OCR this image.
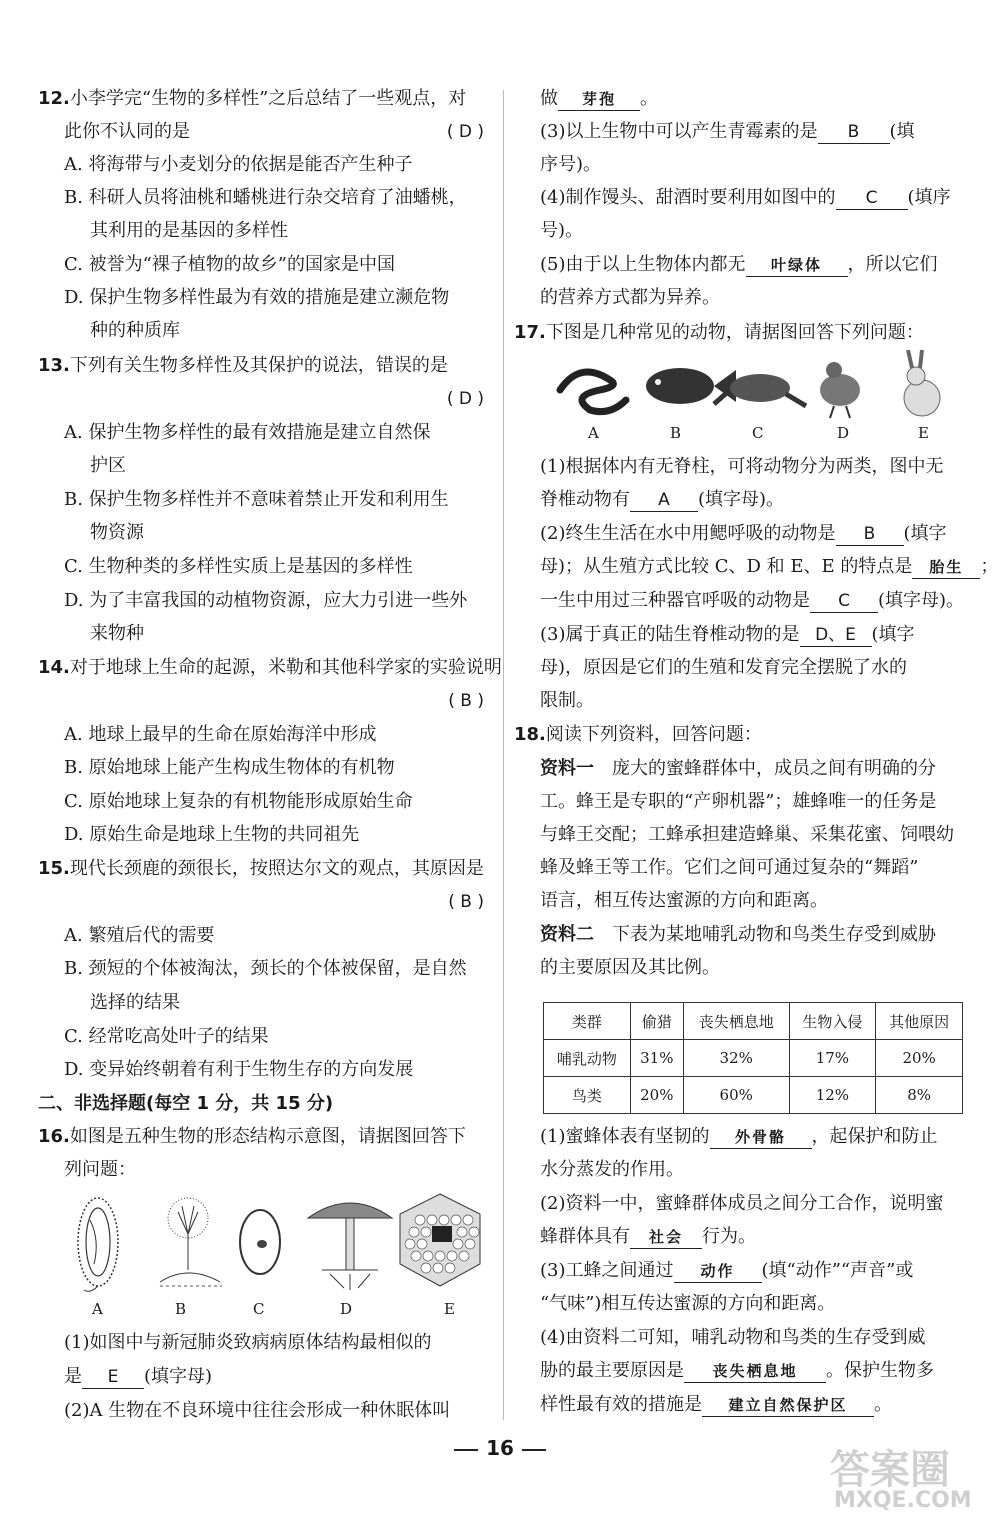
12.小李学完“生物的多样性”之后总结了一些观点，对
此你不认同的是	( D )
A. 将海带与小麦划分的依据是能否产生种子
B. 科研人员将油桃和蟠桃进行杂交培育了油蟠桃，
其利用的是基因的多样性
C. 被誉为“裸子植物的故乡”的国家是中国
D. 保护生物多样性最为有效的措施是建立濒危物
种的种质库
13.下列有关生物多样性及其保护的说法，错误的是
( D )
A. 保护生物多样性的最有效措施是建立自然保
护区
B. 保护生物多样性并不意味着禁止开发和利用生
物资源
C. 生物种类的多样性实质上是基因的多样性
D. 为了丰富我国的动植物资源，应大力引进一些外
来物种
14.对于地球上生命的起源，米勒和其他科学家的实验说明
( B )
A. 地球上最早的生命在原始海洋中形成
B. 原始地球上能产生构成生物体的有机物
C. 原始地球上复杂的有机物能形成原始生命
D. 原始生命是地球上生物的共同祖先
15.现代长颈鹿的颈很长，按照达尔文的观点，其原因是
( B )
A. 繁殖后代的需要
B. 颈短的个体被淘汰，颈长的个体被保留，是自然
选择的结果
C. 经常吃高处叶子的结果
D. 变异始终朝着有利于生物生存的方向发展
二、非选择题(每空 1 分，共 15 分)
16.如图是五种生物的形态结构示意图，请据图回答下
列问题：
A	B	C	D	E
(1)如图中与新冠肺炎致病病原体结构最相似的
是 E (填字母)
(2)A 生物在不良环境中往往会形成一种休眠体叫
做 芽孢 。
(3)以上生物中可以产生青霉素的是 B (填
序号)。
(4)制作馒头、甜酒时要利用如图中的 C (填序
号)。
(5)由于以上生物体内都无 叶绿体 ，所以它们
的营养方式都为异养。
17.下图是几种常见的动物，请据图回答下列问题：
A	B	C	D	E
(1)根据体内有无脊柱，可将动物分为两类，图中无
脊椎动物有 A (填字母)。
(2)终生生活在水中用鳃呼吸的动物是 B (填字
母)；从生殖方式比较 C、D 和 E、E 的特点是 胎生 ；
一生中用过三种器官呼吸的动物是 C (填字母)。
(3)属于真正的陆生脊椎动物的是 D、E (填字
母)，原因是它们的生殖和发育完全摆脱了水的
限制。
18.阅读下列资料，回答问题：
资料一 庞大的蜜蜂群体中，成员之间有明确的分
工。蜂王是专职的“产卵机器”；雄蜂唯一的任务是
与蜂王交配；工蜂承担建造蜂巢、采集花蜜、饲喂幼
蜂及蜂王等工作。它们之间可通过复杂的“舞蹈”
语言，相互传达蜜源的方向和距离。
资料二 下表为某地哺乳动物和鸟类生存受到威胁
的主要原因及其比例。
(1)蜜蜂体表有坚韧的 外骨骼 ，起保护和防止
水分蒸发的作用。
(2)资料一中，蜜蜂群体成员之间分工合作，说明蜜
蜂群体具有 社会 行为。
(3)工蜂之间通过 动作 (填“动作”“声音”或
“气味”)相互传达蜜源的方向和距离。
(4)由资料二可知，哺乳动物和鸟类的生存受到威
胁的最主要原因是 丧失栖息地 。保护生物多
样性最有效的措施是 建立自然保护区 。
类群	偷猎	丧失栖息地	生物入侵	其他原因
哺乳动物	31%	32%	17%	20%
鸟类	20%	60%	12%	8%
16	答案圈
MXQE.COM
